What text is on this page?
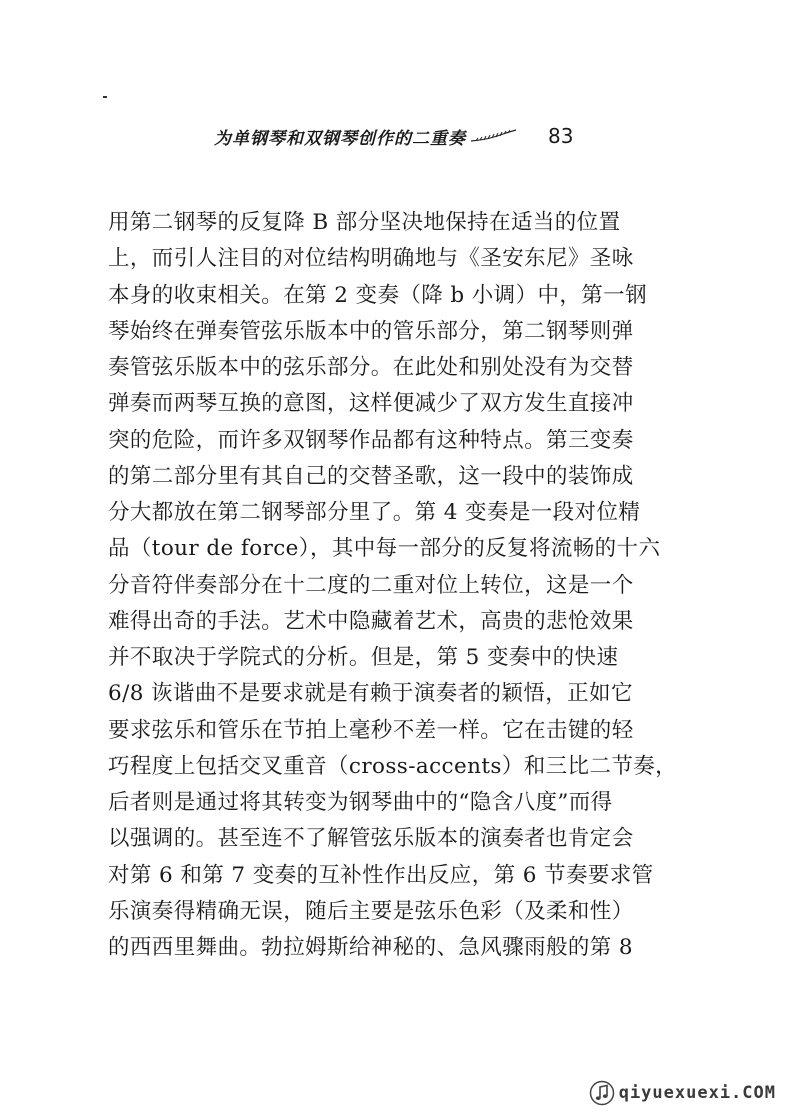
为单钢琴和双钢琴创作的二重奏	83
用第二钢琴的反复降 B 部分坚决地保持在适当的位置
上，而引人注目的对位结构明确地与《圣安东尼》圣咏
本身的收束相关。在第 2 变奏（降 b 小调）中，第一钢
琴始终在弹奏管弦乐版本中的管乐部分，第二钢琴则弹
奏管弦乐版本中的弦乐部分。在此处和别处没有为交替
弹奏而两琴互换的意图，这样便减少了双方发生直接冲
突的危险，而许多双钢琴作品都有这种特点。第三变奏
的第二部分里有其自己的交替圣歌，这一段中的装饰成
分大都放在第二钢琴部分里了。第 4 变奏是一段对位精
品（tour de force），其中每一部分的反复将流畅的十六
分音符伴奏部分在十二度的二重对位上转位，这是一个
难得出奇的手法。艺术中隐藏着艺术，高贵的悲怆效果
并不取决于学院式的分析。但是，第 5 变奏中的快速
6/8 诙谐曲不是要求就是有赖于演奏者的颖悟，正如它
要求弦乐和管乐在节拍上毫秒不差一样。它在击键的轻
巧程度上包括交叉重音（cross-accents）和三比二节奏，
后者则是通过将其转变为钢琴曲中的“隐含八度”而得
以强调的。甚至连不了解管弦乐版本的演奏者也肯定会
对第 6 和第 7 变奏的互补性作出反应，第 6 节奏要求管
乐演奏得精确无误，随后主要是弦乐色彩（及柔和性）
的西西里舞曲。勃拉姆斯给神秘的、急风骤雨般的第 8
qiyuexuexi.COM
